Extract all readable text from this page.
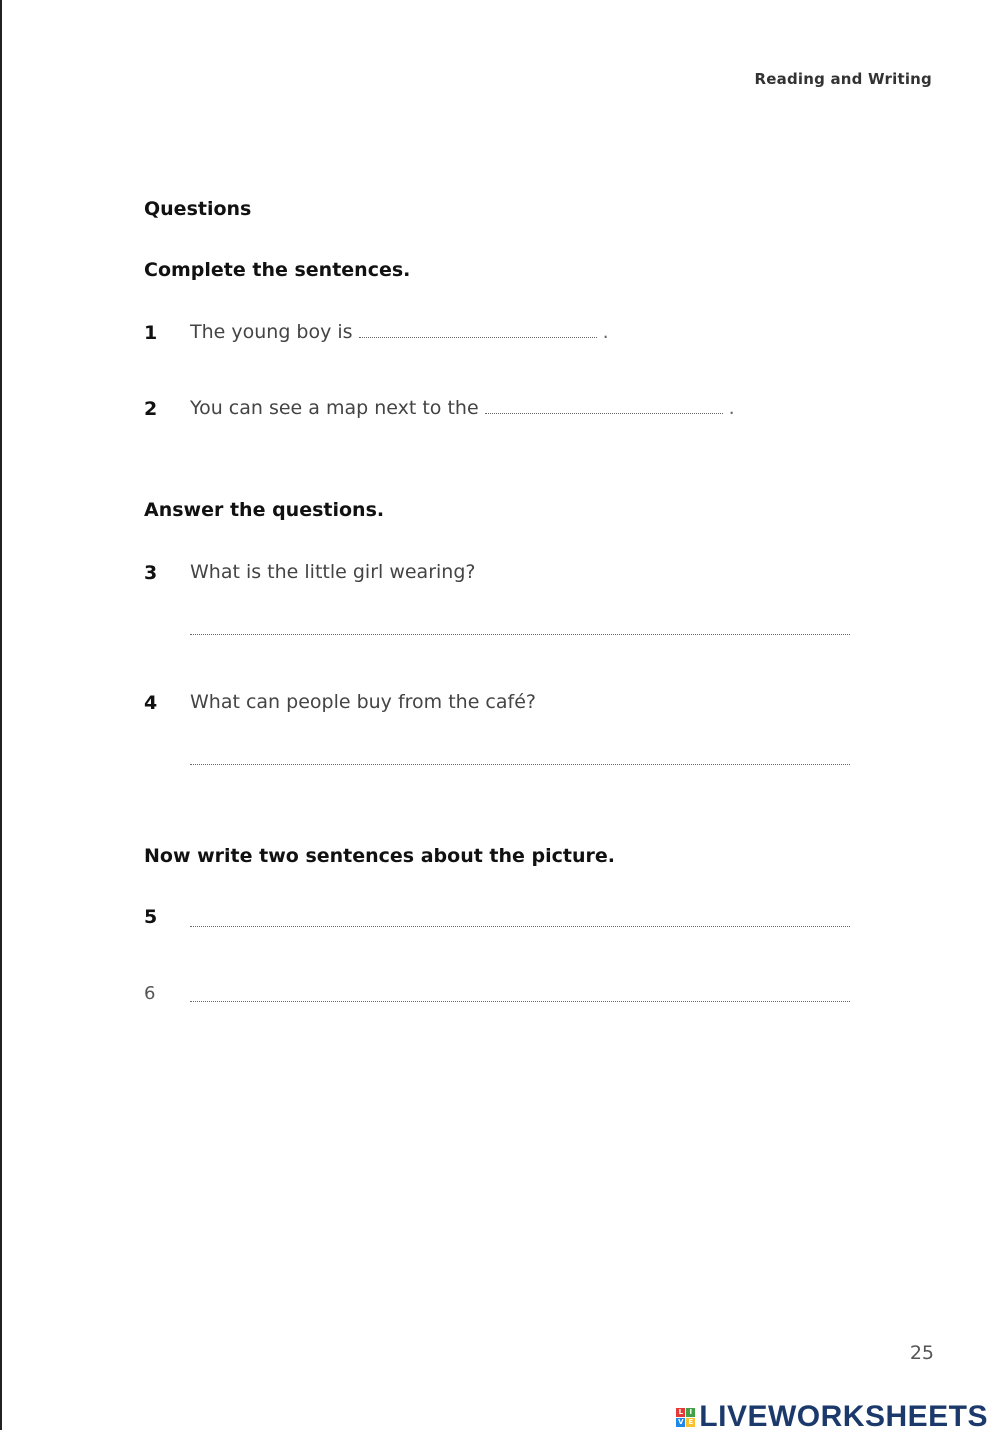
Reading and Writing
Questions
Complete the sentences.
1 The young boy is	.
2 You can see a map next to the	.
Answer the questions.
3 What is the little girl wearing?
4 What can people buy from the café?
Now write two sentences about the picture.
5
6
25
L I
V E LIVEWORKSHEETS
